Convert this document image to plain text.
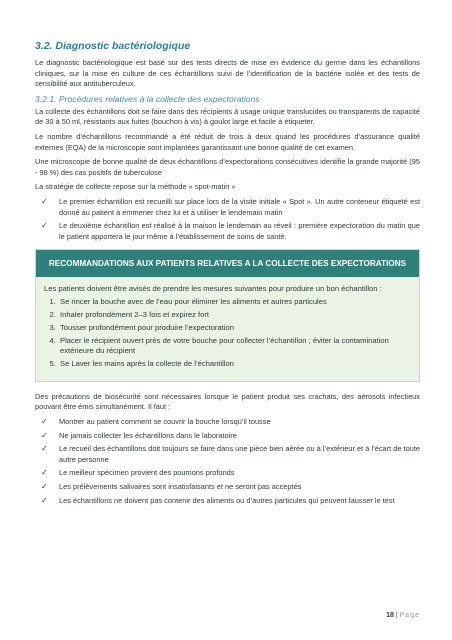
3.2. Diagnostic bactériologique

Le diagnostic bactériologique est basé sur des tests directs de mise en évidence du germe dans les échantillons cliniques, sur la mise en culture de ces échantillons suivi de l’identification de la bactérie isolée et des tests de sensibilité aux antituberculeux.

3.2.1. Procédures relatives à la collecte des expectorations

La collecte des échantillons doit se faire dans des récipients à usage unique translucides ou transparents de capacité de 30 à 50 ml, résistants aux fuites (bouchon à vis) à goulot large et facile à étiqueter.

Le nombre d’échantillons recommandé a été réduit de trois à deux quand les procédures d’assurance qualité externes (EQA) de la microscopie sont implantées garantissant une bonne qualité de cet examen.

Une microscopie de bonne qualité de deux échantillons d’expectorations consécutives identifie la grande majorité (95 - 98 %) des cas positifs de tuberculose

La stratégie de collecte repose sur la méthode « spot-matin »

✓ Le premier échantillon est recueilli sur place lors de la visite initiale « Spot ». Un autre conteneur étiqueté est donné au patient à emmener chez lui et à utiliser le lendemain matin
✓ Le deuxième échantillon est réalisé à la maison le lendemain au réveil : première expectoration du matin que le patient apportera le jour même à l’établissement de soins de santé.
RECOMMANDATIONS AUX PATIENTS RELATIVES A LA COLLECTE DES EXPECTORATIONS

Les patients doivent être avisés de prendre les mesures suivantes pour produire un bon échantillon :

1. Se rincer la bouche avec de l’eau pour éliminer les aliments et autres particules
2. Inhaler profondément 2–3 fois et expirez fort
3. Tousser profondément pour produire l’expectoration
4. Placer le récipient ouvert près de votre bouche pour collecter l’échantillon ; éviter la contamination extérieure du récipient
5. Se Laver les mains après la collecte de l’échantillon

Des précautions de biosécurité sont nécessaires lorsque le patient produit ses crachats, des aérosols infectieux pouvant être émis simultanément. Il faut :

✓ Montrer au patient comment se couvrir la bouche lorsqu’il tousse
✓ Ne jamais collecter les échantillons dans le laboratoire
✓ Le recueil des échantillons doit toujours se faire dans une pièce bien aérée ou à l’extérieur et à l’écart de toute autre personne
✓ Le meilleur spécimen provient des poumons profonds
✓ Les prélèvements salivaires sont insatisfaisants et ne seront pas acceptés
✓ Les échantillons ne doivent pas contenir des aliments ou d’autres particules qui peuvent fausser le test
18 | Page
